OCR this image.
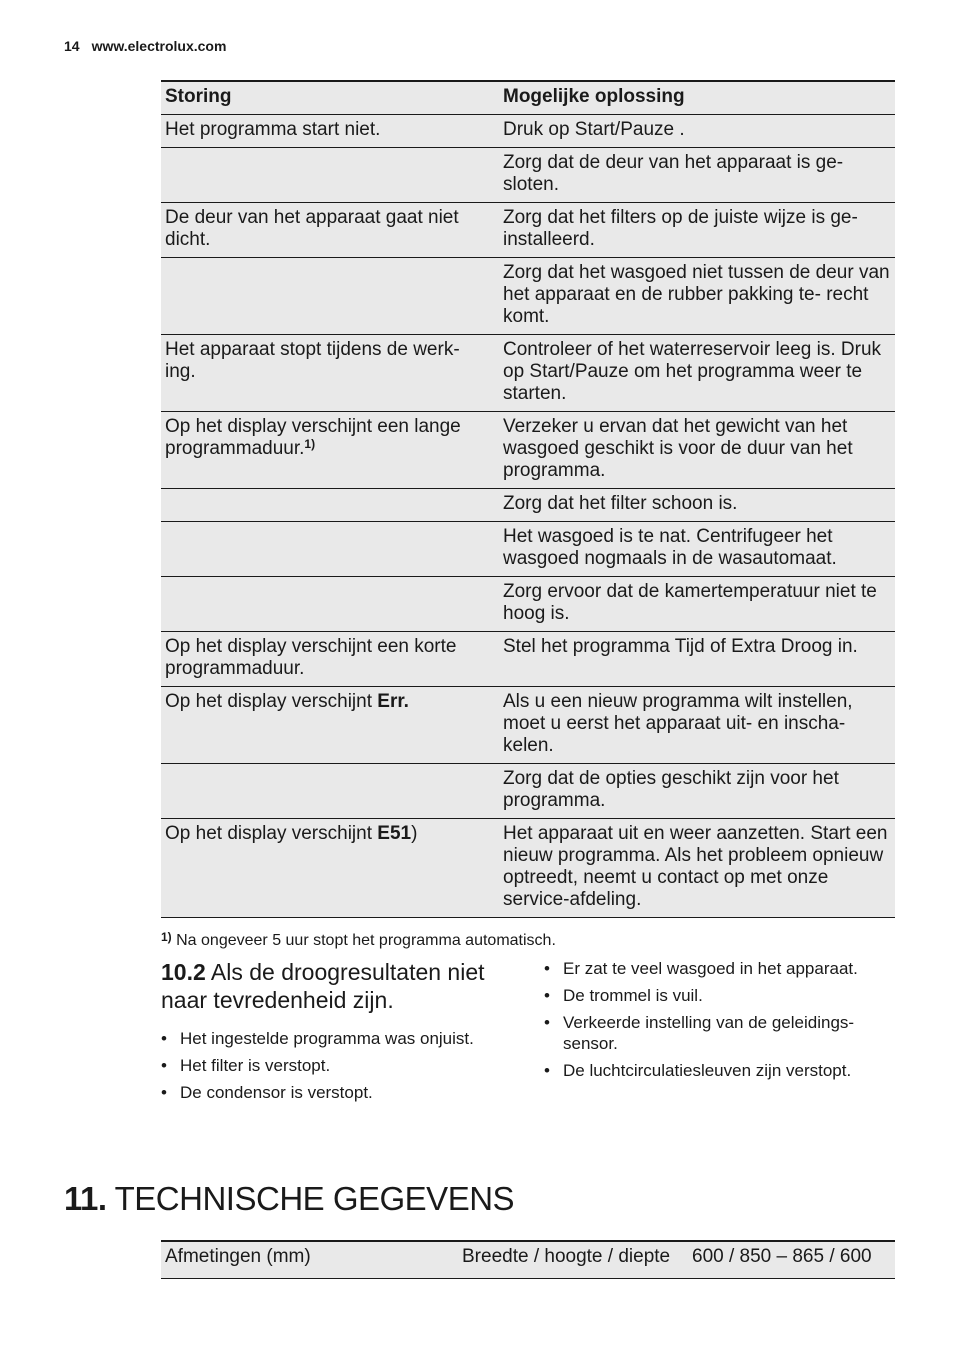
14 www.electrolux.com
Storing	Mogelijke oplossing
Het programma start niet.	Druk op Start/Pauze .
	Zorg dat de deur van het apparaat is ge- sloten.
De deur van het apparaat gaat niet dicht.	Zorg dat het filters op de juiste wijze is ge- installeerd.
	Zorg dat het wasgoed niet tussen de deur van het apparaat en de rubber pakking te- recht komt.
Het apparaat stopt tijdens de werk- ing.	Controleer of het waterreservoir leeg is. Druk op Start/Pauze om het programma weer te starten.
Op het display verschijnt een lange programmaduur.$^{1)}$	Verzeker u ervan dat het gewicht van het wasgoed geschikt is voor de duur van het programma.
	Zorg dat het filter schoon is.
	Het wasgoed is te nat. Centrifugeer het wasgoed nogmaals in de wasautomaat.
	Zorg ervoor dat de kamertemperatuur niet te hoog is.
Op het display verschijnt een korte programmaduur.	Stel het programma Tijd of Extra Droog in.
Op het display verschijnt Err.	Als u een nieuw programma wilt instellen, moet u eerst het apparaat uit- en inscha- kelen.
	Zorg dat de opties geschikt zijn voor het programma.
Op het display verschijnt E51)	Het apparaat uit en weer aanzetten. Start een nieuw programma. Als het probleem opnieuw optreedt, neemt u contact op met onze service-afdeling.
$^{1)}$ Na ongeveer 5 uur stopt het programma automatisch.
10.2 Als de droogresultaten niet naar tevredenheid zijn.
• Het ingestelde programma was onjuist.
• Het filter is verstopt.
• De condensor is verstopt.
• Er zat te veel wasgoed in het apparaat.
• De trommel is vuil.
• Verkeerde instelling van de geleidings- sensor.
• De luchtcirculatiesleuven zijn verstopt.
11. TECHNISCHE GEGEVENS
Afmetingen (mm)	Breedte / hoogte / diepte	600 / 850 – 865 / 600
